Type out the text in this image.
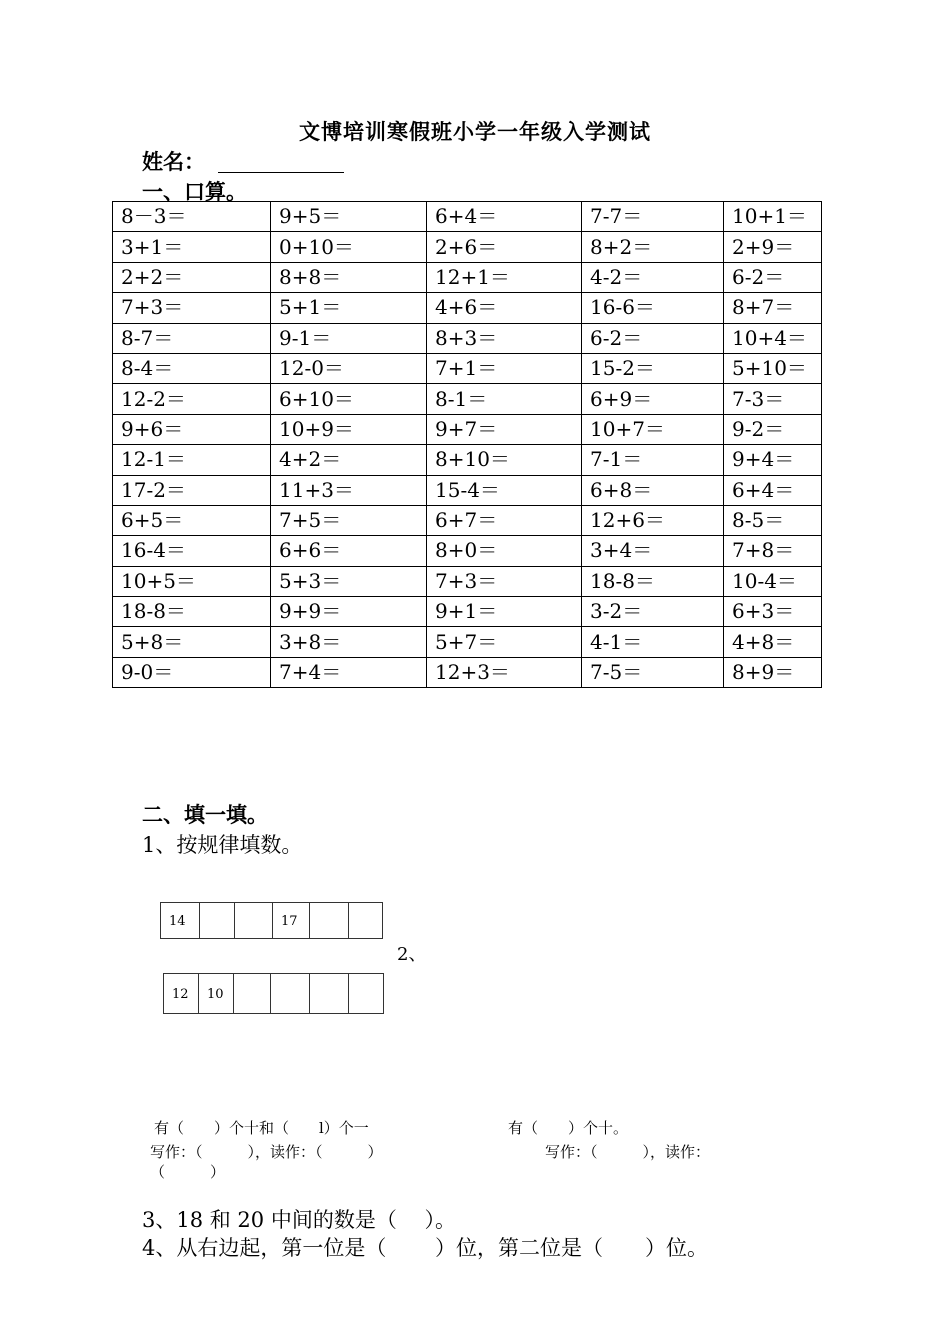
文博培训寒假班小学一年级入学测试
姓名：
一、口算。
8－3＝	9+5＝	6+4＝	7-7＝	10+1＝
3+1＝	0+10＝	2+6＝	8+2＝	2+9＝
2+2＝	8+8＝	12+1＝	4-2＝	6-2＝
7+3＝	5+1＝	4+6＝	16-6＝	8+7＝
8-7＝	9-1＝	8+3＝	6-2＝	10+4＝
8-4＝	12-0＝	7+1＝	15-2＝	5+10＝
12-2＝	6+10＝	8-1＝	6+9＝	7-3＝
9+6＝	10+9＝	9+7＝	10+7＝	9-2＝
12-1＝	4+2＝	8+10＝	7-1＝	9+4＝
17-2＝	11+3＝	15-4＝	6+8＝	6+4＝
6+5＝	7+5＝	6+7＝	12+6＝	8-5＝
16-4＝	6+6＝	8+0＝	3+4＝	7+8＝
10+5＝	5+3＝	7+3＝	18-8＝	10-4＝
18-8＝	9+9＝	9+1＝	3-2＝	6+3＝
5+8＝	3+8＝	5+7＝	4-1＝	4+8＝
9-0＝	7+4＝	12+3＝	7-5＝	8+9＝
二、填一填。
1、按规律填数。
14	17
2、
12	10
有（　　）个十和（　　l）个一	有（　　）个十。
写作：（　　　），读作：（　　　）	写作：（　　　），读作：
（　　　）
3、18 和 20 中间的数是（　 ）。
4、从右边起，第一位是（　　 ）位，第二位是（　　）位。
